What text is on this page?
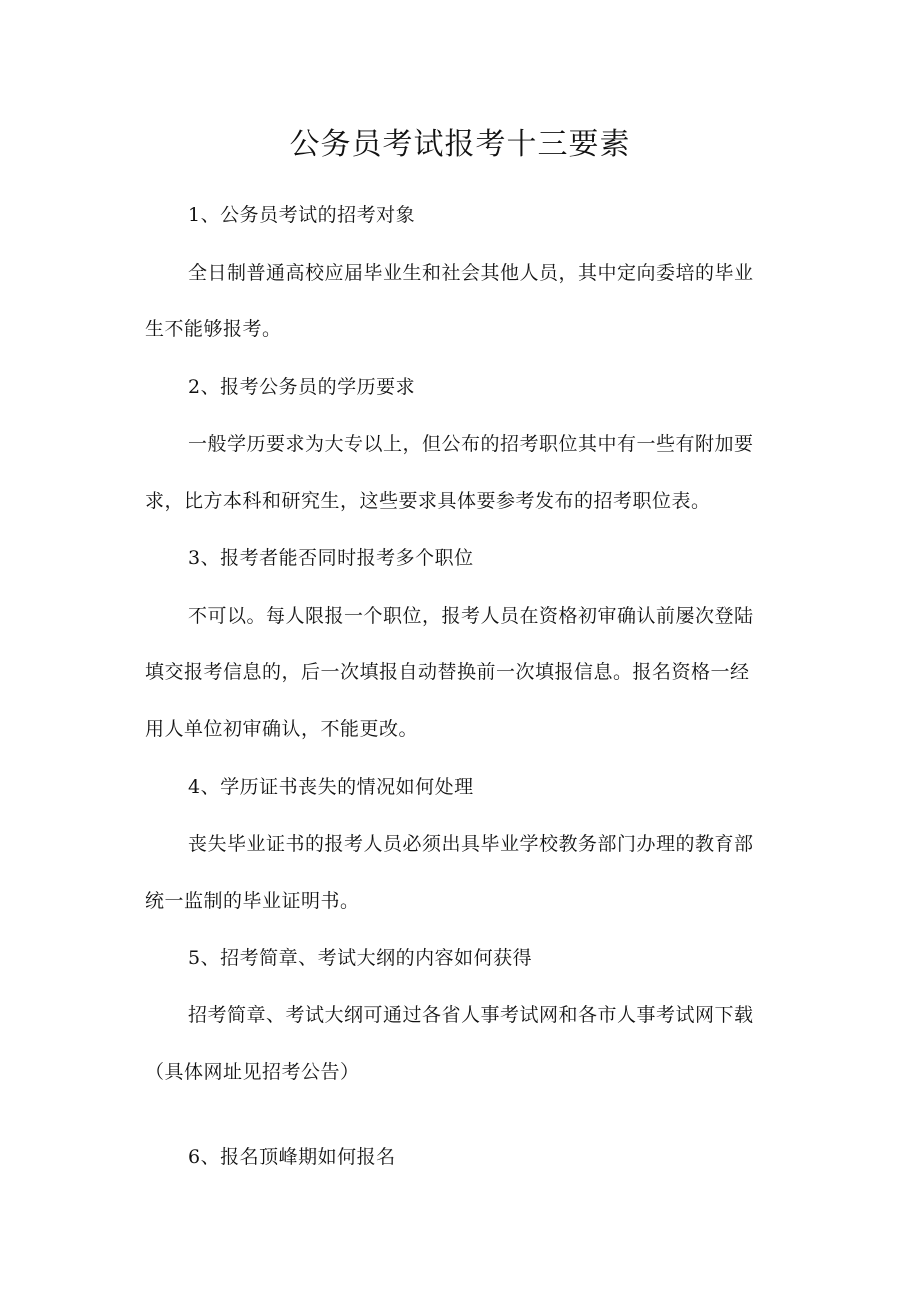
公务员考试报考十三要素
1、公务员考试的招考对象
全日制普通高校应届毕业生和社会其他人员，其中定向委培的毕业
生不能够报考。
2、报考公务员的学历要求
一般学历要求为大专以上，但公布的招考职位其中有一些有附加要
求，比方本科和研究生，这些要求具体要参考发布的招考职位表。
3、报考者能否同时报考多个职位
不可以。每人限报一个职位，报考人员在资格初审确认前屡次登陆
填交报考信息的，后一次填报自动替换前一次填报信息。报名资格一经
用人单位初审确认，不能更改。
4、学历证书丧失的情况如何处理
丧失毕业证书的报考人员必须出具毕业学校教务部门办理的教育部
统一监制的毕业证明书。
5、招考简章、考试大纲的内容如何获得
招考简章、考试大纲可通过各省人事考试网和各市人事考试网下载
（具体网址见招考公告）
6、报名顶峰期如何报名
